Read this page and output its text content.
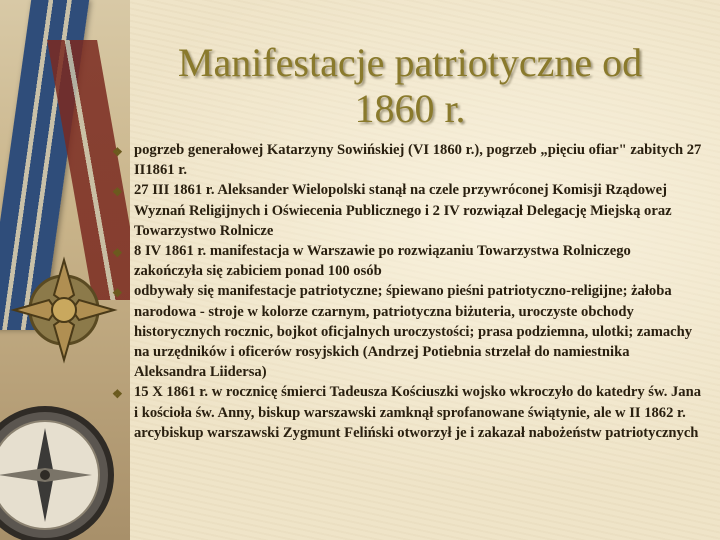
Manifestacje patriotyczne od
1860 r.
❖ pogrzeb generałowej Katarzyny Sowińskiej (VI 1860 r.), pogrzeb „pięciu ofiar" zabitych 27 II1861 r.
❖ 27 III 1861 r. Aleksander Wielopolski stanął na czele przywróconej Komisji Rządowej Wyznań Religijnych i Oświecenia Publicznego i 2 IV rozwiązał Delegację Miejską oraz Towarzystwo Rolnicze
❖ 8 IV 1861 r. manifestacja w Warszawie po rozwiązaniu Towarzystwa Rolniczego zakończyła się zabiciem ponad 100 osób
❖ odbywały się manifestacje patriotyczne; śpiewano pieśni patriotyczno-religijne; żałoba narodowa - stroje w kolorze czarnym, patriotyczna biżuteria, uroczyste obchody historycznych rocznic, bojkot oficjalnych uroczystości; prasa podziemna, ulotki; zamachy na urzędników i oficerów rosyjskich (Andrzej Potiebnia strzelał do namiestnika Aleksandra Liidersa)
❖ 15 X 1861 r. w rocznicę śmierci Tadeusza Kościuszki wojsko wkroczyło do katedry św. Jana i kościoła św. Anny, biskup warszawski zamknął sprofanowane świątynie, ale w II 1862 r. arcybiskup warszawski Zygmunt Feliński otworzył je i zakazał nabożeństw patriotycznych
